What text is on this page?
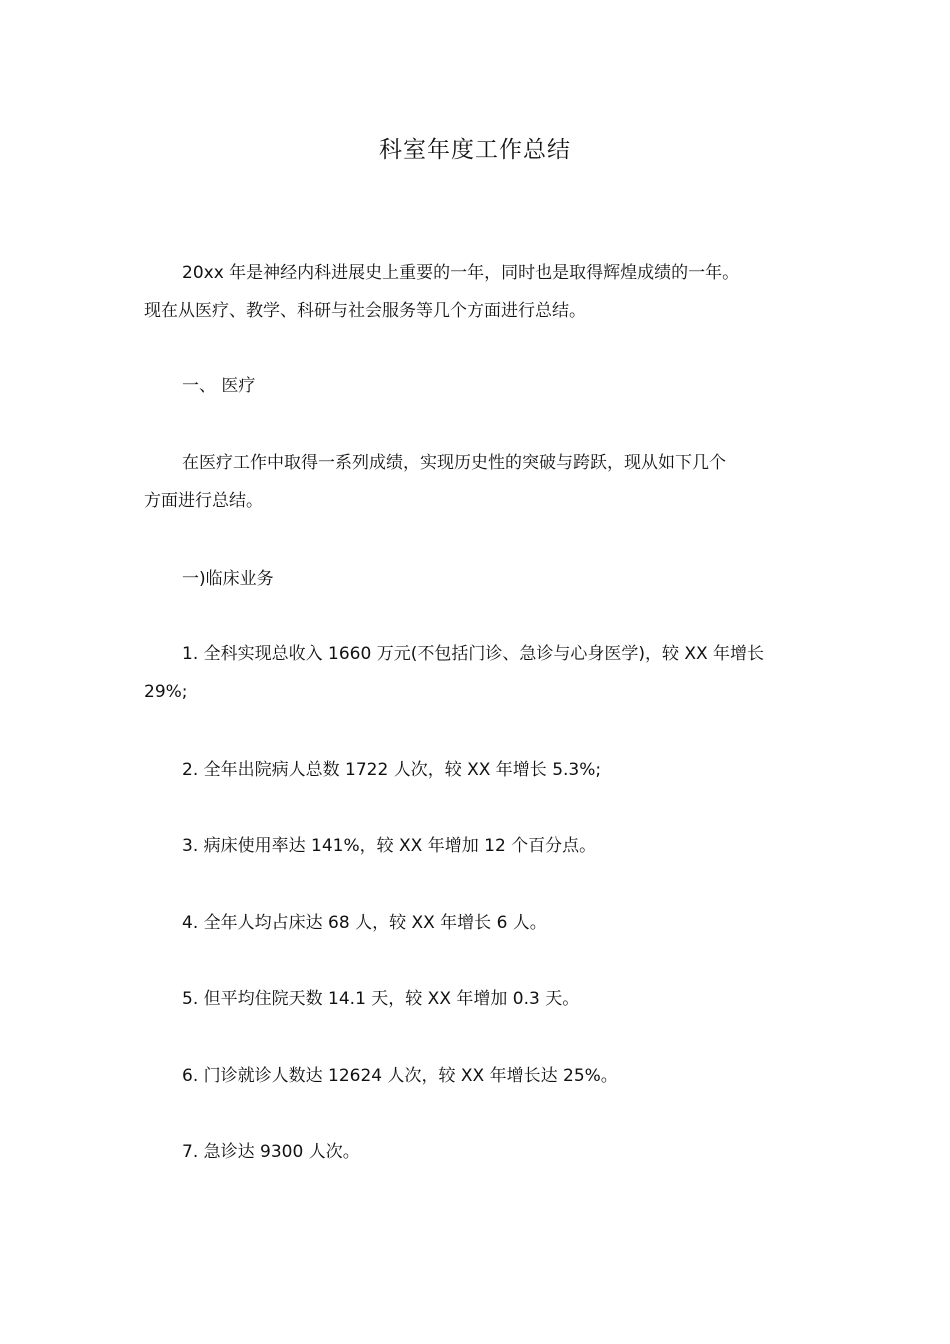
科室年度工作总结
20xx 年是神经内科进展史上重要的一年，同时也是取得辉煌成绩的一年。
现在从医疗、教学、科研与社会服务等几个方面进行总结。
一、 医疗
在医疗工作中取得一系列成绩，实现历史性的突破与跨跃，现从如下几个
方面进行总结。
一)临床业务
1. 全科实现总收入 1660 万元(不包括门诊、急诊与心身医学)，较 XX 年增长
29%;
2. 全年出院病人总数 1722 人次，较 XX 年增长 5.3%;
3. 病床使用率达 141%，较 XX 年增加 12 个百分点。
4. 全年人均占床达 68 人，较 XX 年增长 6 人。
5. 但平均住院天数 14.1 天，较 XX 年增加 0.3 天。
6. 门诊就诊人数达 12624 人次，较 XX 年增长达 25%。
7. 急诊达 9300 人次。
